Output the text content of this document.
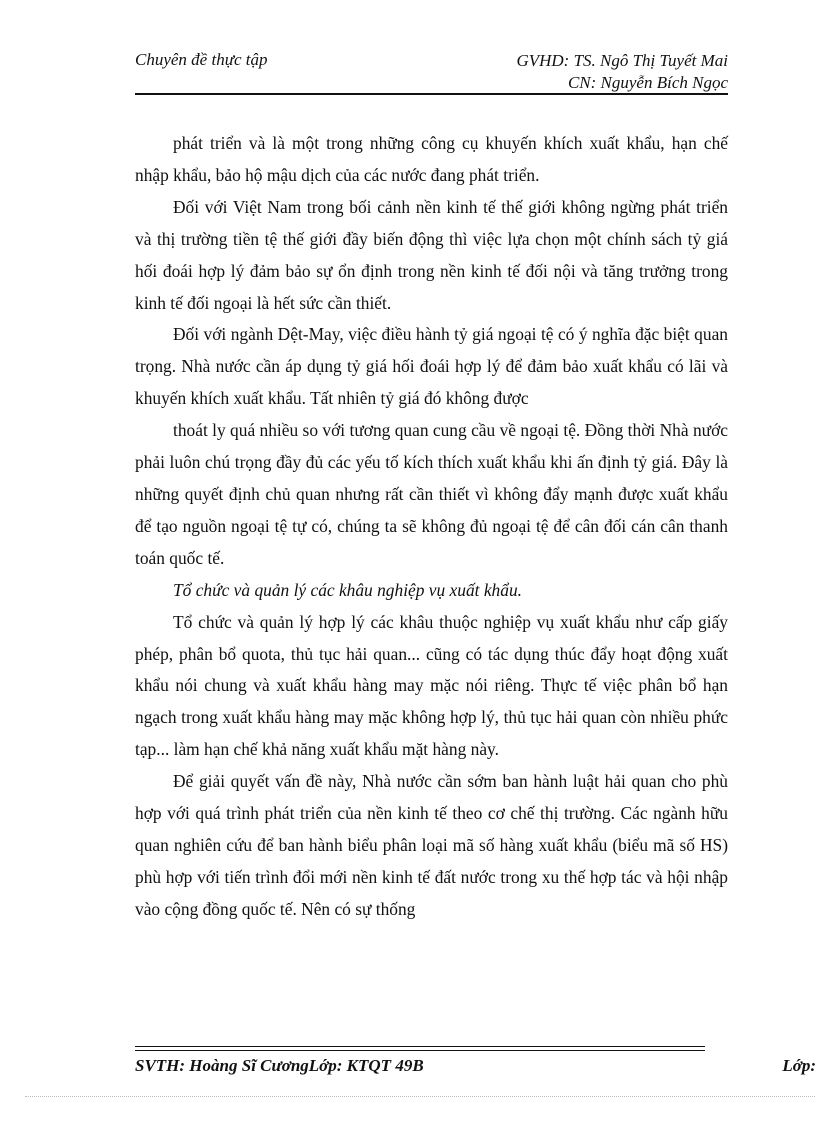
Chuyên đề thực tập	GVHD: TS. Ngô Thị Tuyết Mai
CN: Nguyễn Bích Ngọc

phát triển và là một trong những công cụ khuyến khích xuất khẩu, hạn chế nhập khẩu, bảo hộ mậu dịch của các nước đang phát triển.

Đối với Việt Nam trong bối cảnh nền kinh tế thế giới không ngừng phát triển và thị trường tiền tệ thế giới đầy biến động thì việc lựa chọn một chính sách tỷ giá hối đoái hợp lý đảm bảo sự ổn định trong nền kinh tế đối nội và tăng trưởng trong kinh tế đối ngoại là hết sức cần thiết.

Đối với ngành Dệt-May, việc điều hành tỷ giá ngoại tệ có ý nghĩa đặc biệt quan trọng. Nhà nước cần áp dụng tỷ giá hối đoái hợp lý để đảm bảo xuất khẩu có lãi và khuyến khích xuất khẩu. Tất nhiên tỷ giá đó không được

thoát ly quá nhiều so với tương quan cung cầu về ngoại tệ. Đồng thời Nhà nước phải luôn chú trọng đầy đủ các yếu tố kích thích xuất khẩu khi ấn định tỷ giá. Đây là những quyết định chủ quan nhưng rất cần thiết vì không đẩy mạnh được xuất khẩu để tạo nguồn ngoại tệ tự có, chúng ta sẽ không đủ ngoại tệ để cân đối cán cân thanh toán quốc tế.

Tổ chức và quản lý các khâu nghiệp vụ xuất khẩu.

Tổ chức và quản lý hợp lý các khâu thuộc nghiệp vụ xuất khẩu như cấp giấy phép, phân bổ quota, thủ tục hải quan... cũng có tác dụng thúc đẩy hoạt động xuất khẩu nói chung và xuất khẩu hàng may mặc nói riêng. Thực tế việc phân bổ hạn ngạch trong xuất khẩu hàng may mặc không hợp lý, thủ tục hải quan còn nhiều phức tạp... làm hạn chế khả năng xuất khẩu mặt hàng này.

Để giải quyết vấn đề này, Nhà nước cần sớm ban hành luật hải quan cho phù hợp với quá trình phát triển của nền kinh tế theo cơ chế thị trường. Các ngành hữu quan nghiên cứu để ban hành biểu phân loại mã số hàng xuất khẩu (biểu mã số HS) phù hợp với tiến trình đổi mới nền kinh tế đất nước trong xu thế hợp tác và hội nhập vào cộng đồng quốc tế. Nên có sự thống

SVTH: Hoàng Sĩ CươngLớp: KTQT 49B	Lớp:
